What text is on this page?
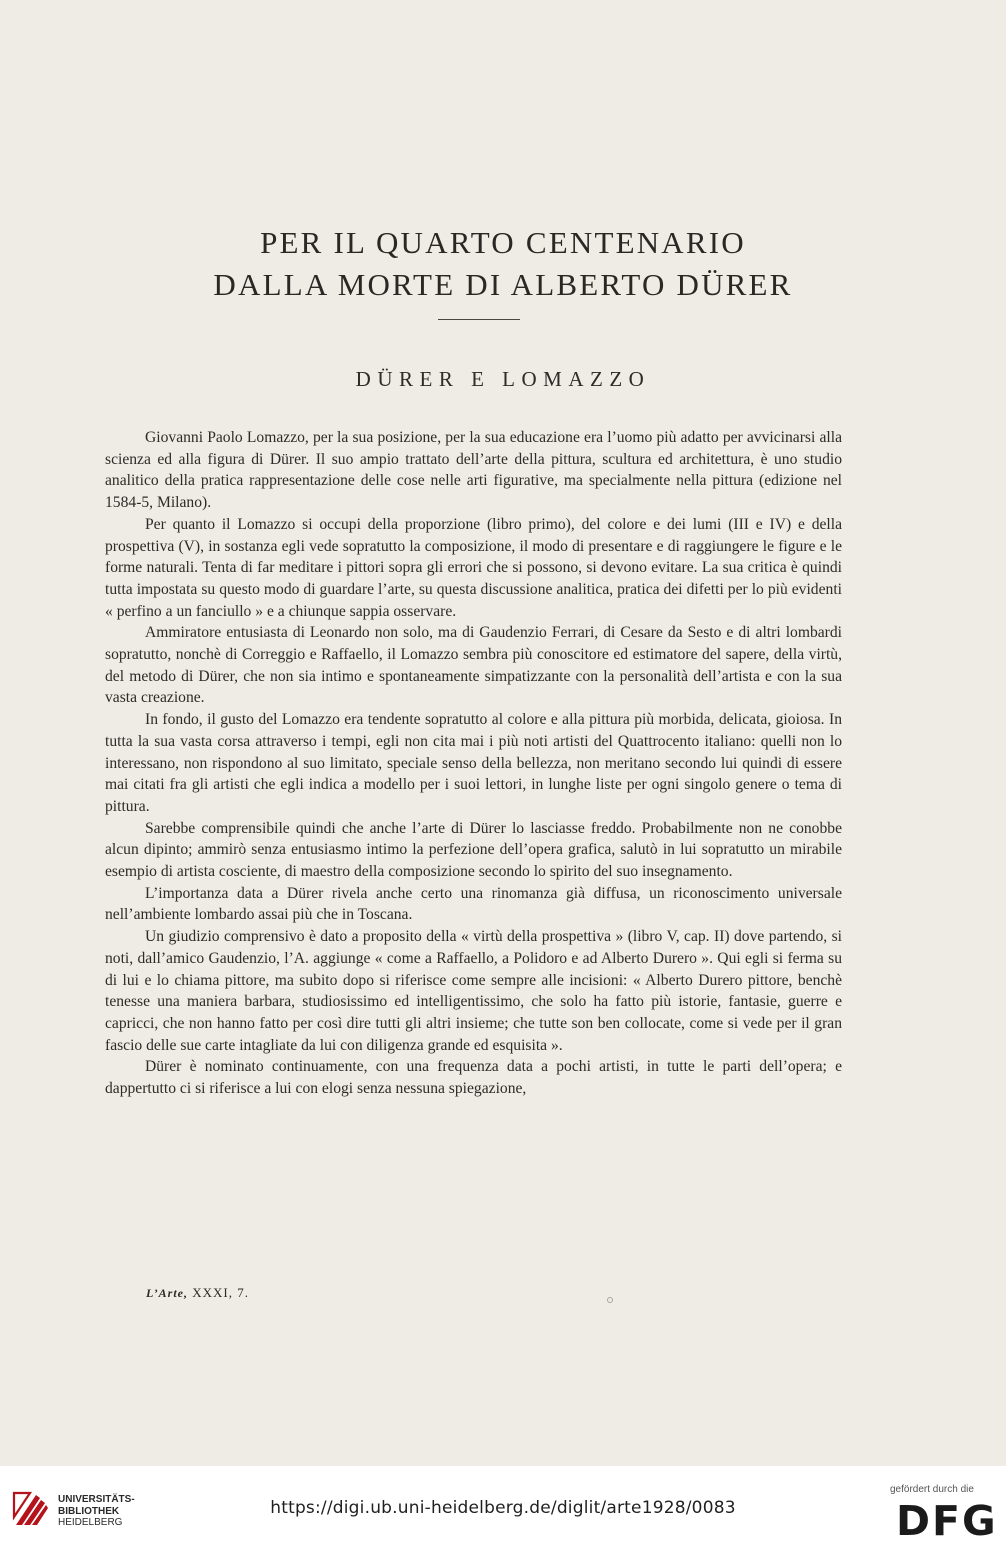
PER IL QUARTO CENTENARIO
DALLA MORTE DI ALBERTO DÜRER
DÜRER E LOMAZZO

Giovanni Paolo Lomazzo, per la sua posizione, per la sua educazione era l’uomo più adatto per avvicinarsi alla scienza ed alla figura di Dürer. Il suo ampio trattato dell’arte della pittura, scultura ed architettura, è uno studio analitico della pratica rappresentazione delle cose nelle arti figurative, ma specialmente nella pittura (edizione nel 1584-5, Milano).

Per quanto il Lomazzo si occupi della proporzione (libro primo), del colore e dei lumi (III e IV) e della prospettiva (V), in sostanza egli vede sopratutto la composizione, il modo di presentare e di raggiungere le figure e le forme naturali. Tenta di far meditare i pittori sopra gli errori che si possono, si devono evitare. La sua critica è quindi tutta impostata su questo modo di guardare l’arte, su questa discussione analitica, pratica dei difetti per lo più evidenti « perfino a un fanciullo » e a chiunque sappia osservare.

Ammiratore entusiasta di Leonardo non solo, ma di Gaudenzio Ferrari, di Cesare da Sesto e di altri lombardi sopratutto, nonchè di Correggio e Raffaello, il Lomazzo sembra più conoscitore ed estimatore del sapere, della virtù, del metodo di Dürer, che non sia intimo e spontaneamente simpatizzante con la personalità dell’artista e con la sua vasta creazione.

In fondo, il gusto del Lomazzo era tendente sopratutto al colore e alla pittura più morbida, delicata, gioiosa. In tutta la sua vasta corsa attraverso i tempi, egli non cita mai i più noti artisti del Quattrocento italiano: quelli non lo interessano, non rispondono al suo limitato, speciale senso della bellezza, non meritano secondo lui quindi di essere mai citati fra gli artisti che egli indica a modello per i suoi lettori, in lunghe liste per ogni singolo genere o tema di pittura.

Sarebbe comprensibile quindi che anche l’arte di Dürer lo lasciasse freddo. Probabilmente non ne conobbe alcun dipinto; ammirò senza entusiasmo intimo la perfezione dell’opera grafica, salutò in lui sopratutto un mirabile esempio di artista cosciente, di maestro della composizione secondo lo spirito del suo insegnamento.

L’importanza data a Dürer rivela anche certo una rinomanza già diffusa, un riconoscimento universale nell’ambiente lombardo assai più che in Toscana.

Un giudizio comprensivo è dato a proposito della « virtù della prospettiva » (libro V, cap. II) dove partendo, si noti, dall’amico Gaudenzio, l’A. aggiunge « come a Raffaello, a Polidoro e ad Alberto Durero ». Qui egli si ferma su di lui e lo chiama pittore, ma subito dopo si riferisce come sempre alle incisioni: « Alberto Durero pittore, benchè tenesse una maniera barbara, studiosissimo ed intelligentissimo, che solo ha fatto più istorie, fantasie, guerre e capricci, che non hanno fatto per così dire tutti gli altri insieme; che tutte son ben collocate, come si vede per il gran fascio delle sue carte intagliate da lui con diligenza grande ed esquisita ».

Dürer è nominato continuamente, con una frequenza data a pochi artisti, in tutte le parti dell’opera; e dappertutto ci si riferisce a lui con elogi senza nessuna spiegazione,

L’Arte, XXXI, 7.
UNIVERSITÄTS-
BIBLIOTHEK
HEIDELBERG
https://digi.ub.uni-heidelberg.de/diglit/arte1928/0083
gefördert durch die
DFG
